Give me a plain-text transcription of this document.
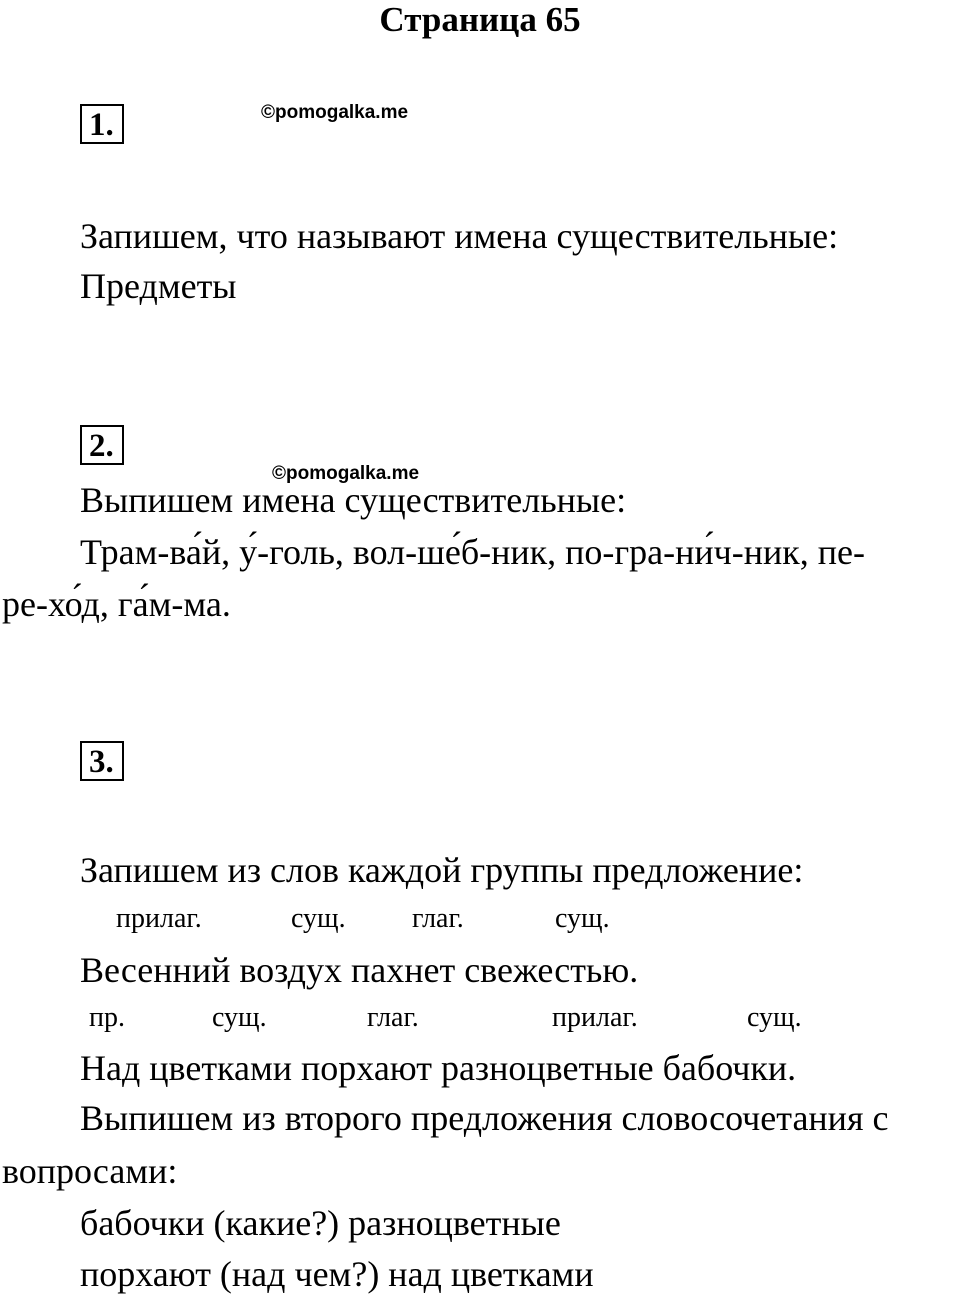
Страница 65
1.	©pomogalka.me
Запишем, что называют имена существительные:
Предметы
2.
©pomogalka.me
Выпишем имена существительные:
Трам-ва́й, у́-голь, вол-ше́б-ник, по-гра-ни́ч-ник, пе-
ре-хо́д, га́м-ма.
3.
Запишем из слов каждой группы предложение:
прилаг.	сущ. глаг.	сущ.
Весенний воздух пахнет свежестью.
пр.	сущ.	глаг.	прилаг.	сущ.
Над цветками порхают разноцветные бабочки.
Выпишем из второго предложения словосочетания с
вопросами:
бабочки (какие?) разноцветные
порхают (над чем?) над цветками
